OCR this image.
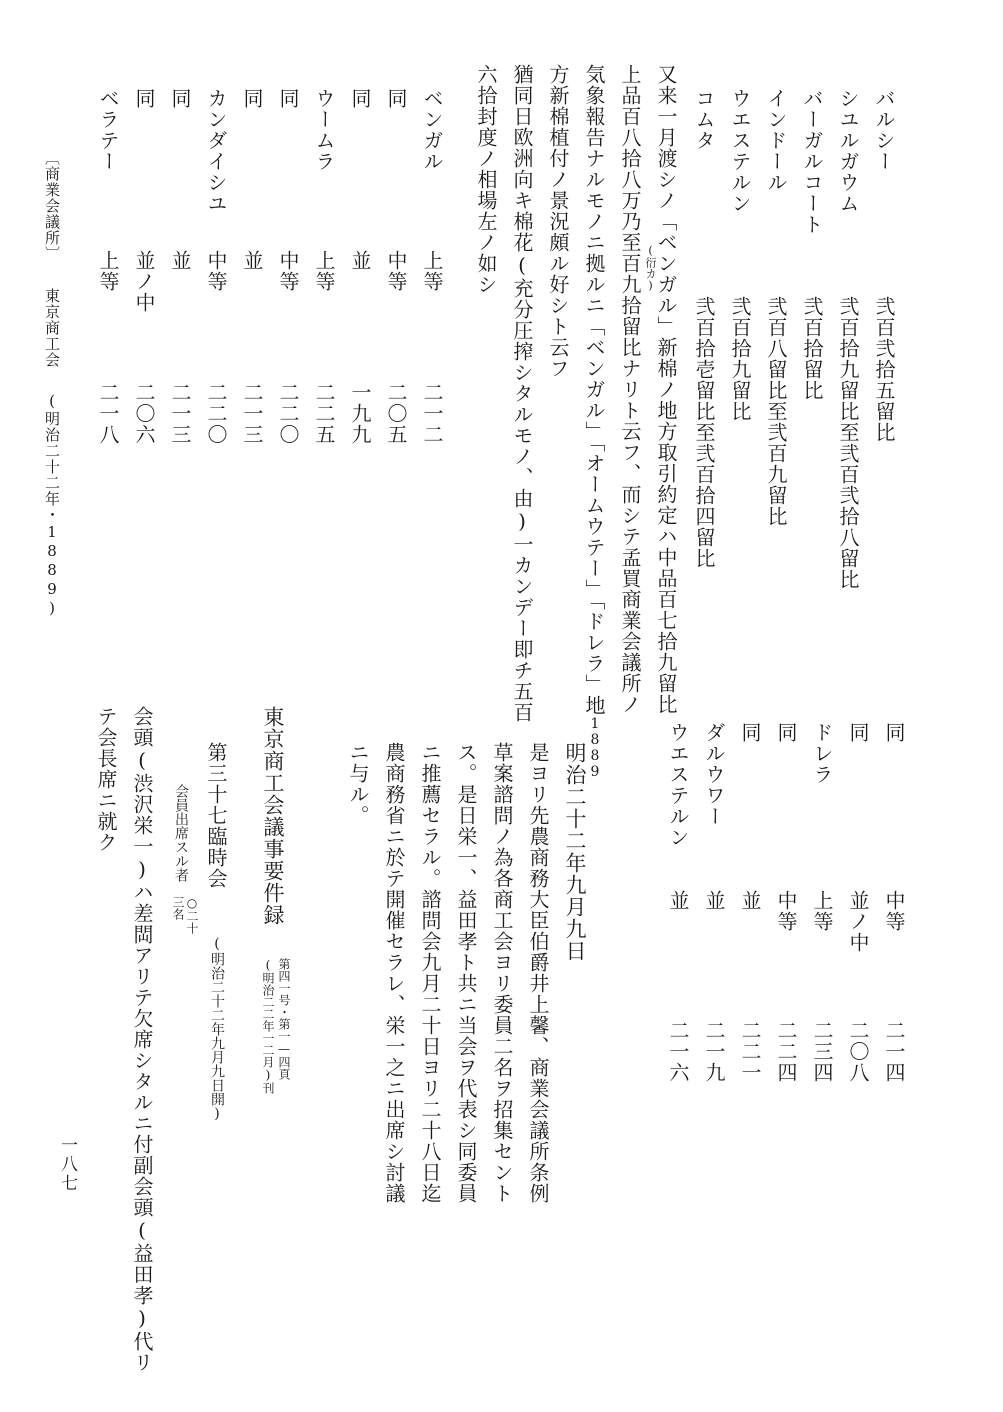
バルシー
シユルガウム
バーガルコート
インドール
ウエステルン
コムタ
弐百弐拾五留比
弐百拾九留比至弐百弐拾八留比
弐百拾留比
弐百八留比至弐百九留比
弐百拾九留比
弐百拾壱留比至弐百拾四留比
又来一月渡シノ「ベンガル」新棉ノ地方取引約定ハ中品百七拾九留比
上品百八拾八万乃至百九拾留比ナリト云フ、而シテ孟買商業会議所ノ (衍カ)
気象報告ナルモノニ拠ルニ「ベンガル」「オームウテー」「ドレラ」地
方新棉植付ノ景況頗ル好シト云フ
猶同日欧洲向キ棉花(充分圧搾シタルモノ、由)一カンデー即チ五百
六拾封度ノ相場左ノ如シ
ベンガル
同
同
ウームラ
同
同
カンダイシユ
同
同
ベラテー
上等
中等
並
上等
中等
並
中等
並
並ノ中
上等
二一二
二〇五
一九九
二二五
二二〇
二一三
二二〇
二一三
二〇六
二一八
〔商業会議所〕
東京商工会
(明治二十二年・1889)
同
同
ドレラ
同
同
ダルウワー
ウエステルン
中等
並ノ中
上等
中等
並
並
並
二一四
二〇八
二三四
二二四
二二一
二一九
二一六
1889
明治二十二年九月九日
是ヨリ先農商務大臣伯爵井上馨、商業会議所条例
草案諮問ノ為各商工会ヨリ委員二名ヲ招集セント
ス。是日栄一、益田孝ト共ニ当会ヲ代表シ同委員
ニ推薦セラル。諮問会九月二十日ヨリ二十八日迄
農商務省ニ於テ開催セラレ、栄一之ニ出席シ討議
ニ与ル。
東京商工会議事要件録
第四一号・第一—四頁
(明治二二年一二月)刊
第三十七臨時会
(明治二十二年九月九日開)
会員出席スル者
○二十
三名
会頭(渋沢栄一)ハ差閊アリテ欠席シタルニ付副会頭(益田孝)代リ
テ会長席ニ就ク
一八七
